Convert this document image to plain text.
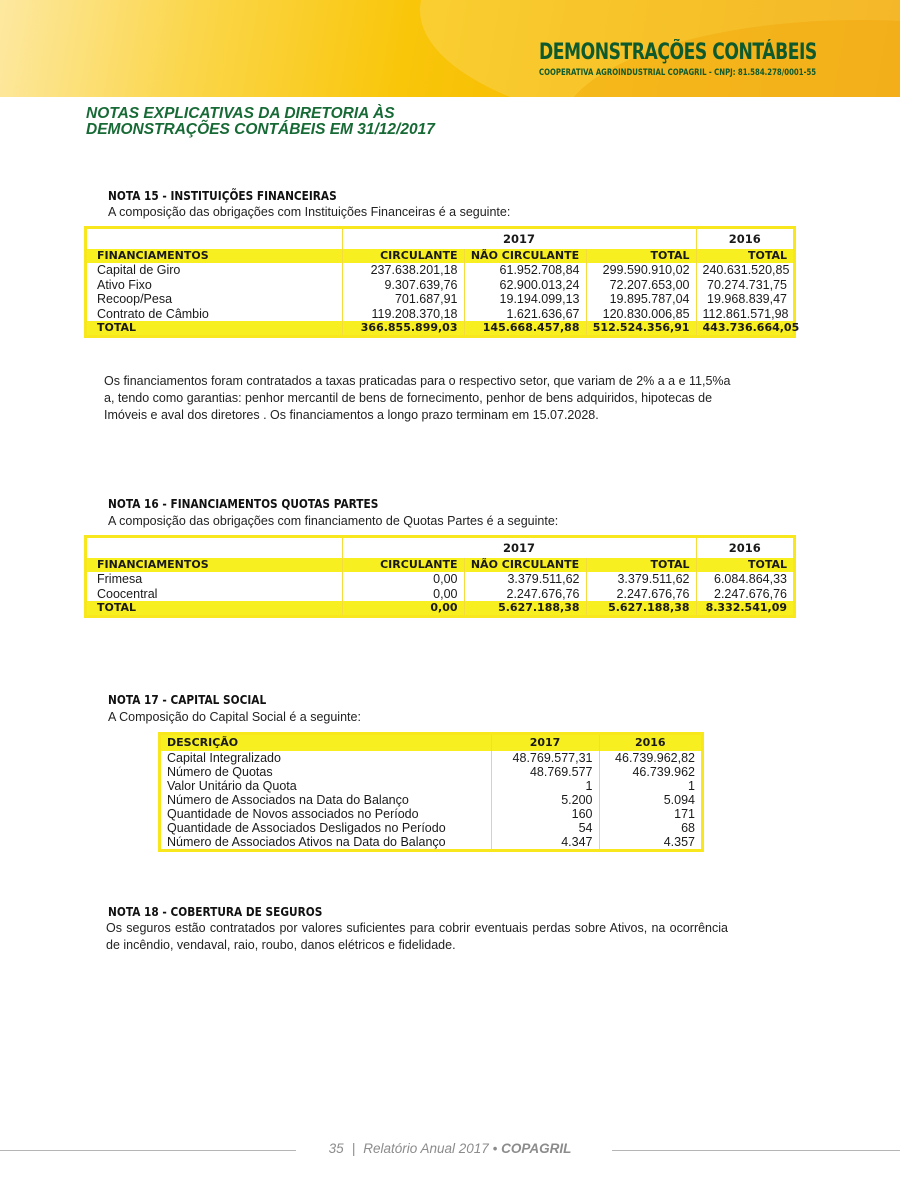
DEMONSTRAÇÕES CONTÁBEIS
COOPERATIVA AGROINDUSTRIAL COPAGRIL - CNPJ: 81.584.278/0001-55
NOTAS EXPLICATIVAS DA DIRETORIA ÀS
DEMONSTRAÇÕES CONTÁBEIS EM 31/12/2017
NOTA 15 - INSTITUIÇÕES FINANCEIRAS
A composição das obrigações com Instituições Financeiras é a seguinte:
	2017			2016
FINANCIAMENTOS	CIRCULANTE	NÃO CIRCULANTE	TOTAL	TOTAL
Capital de Giro	237.638.201,18	61.952.708,84	299.590.910,02	240.631.520,85
Ativo Fixo	9.307.639,76	62.900.013,24	72.207.653,00	70.274.731,75
Recoop/Pesa	701.687,91	19.194.099,13	19.895.787,04	19.968.839,47
Contrato de Câmbio	119.208.370,18	1.621.636,67	120.830.006,85	112.861.571,98
TOTAL	366.855.899,03	145.668.457,88	512.524.356,91	443.736.664,05

Os financiamentos foram contratados a taxas praticadas para o respectivo setor, que variam de 2% a a e 11,5%a a, tendo como garantias: penhor mercantil de bens de fornecimento, penhor de bens adquiridos, hipotecas de Imóveis e aval dos diretores . Os financiamentos a longo prazo terminam em 15.07.2028.

NOTA 16 - FINANCIAMENTOS QUOTAS PARTES
A composição das obrigações com financiamento de Quotas Partes é a seguinte:
	2017			2016
FINANCIAMENTOS	CIRCULANTE	NÃO CIRCULANTE	TOTAL	TOTAL
Frimesa	0,00	3.379.511,62	3.379.511,62	6.084.864,33
Coocentral	0,00	2.247.676,76	2.247.676,76	2.247.676,76
TOTAL	0,00	5.627.188,38	5.627.188,38	8.332.541,09
NOTA 17 - CAPITAL SOCIAL
A Composição do Capital Social é a seguinte:
DESCRIÇÃO	2017	2016
Capital Integralizado	48.769.577,31	46.739.962,82
Número de Quotas	48.769.577	46.739.962
Valor Unitário da Quota	1	1
Número de Associados na Data do Balanço	5.200	5.094
Quantidade de Novos associados no Período	160	171
Quantidade de Associados Desligados no Período	54	68
Número de Associados Ativos na Data do Balanço	4.347	4.357
NOTA 18 - COBERTURA DE SEGUROS

Os seguros estão contratados por valores suficientes para cobrir eventuais perdas sobre Ativos, na ocorrência de incêndio, vendaval, raio, roubo, danos elétricos e fidelidade.

35 | Relatório Anual 2017 • COPAGRIL
